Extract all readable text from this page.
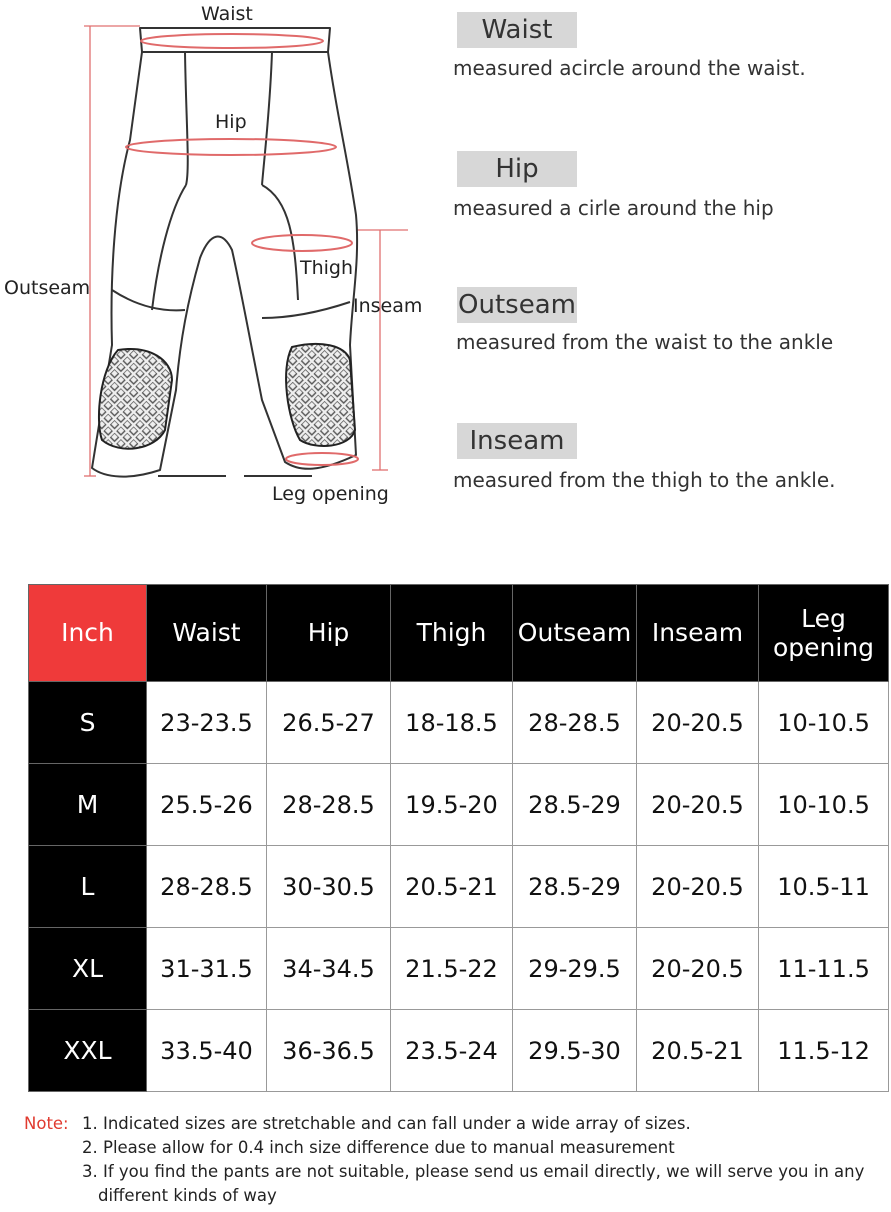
Waist
Hip
Thigh
Outseam
Inseam
Leg opening
Waist
measured acircle around the waist.
Hip
measured a cirle around the hip
Outseam
measured from the waist to the ankle
Inseam
measured from the thigh to the ankle.
Inch	Waist	Hip	Thigh	Outseam	Inseam	Leg opening
S	23-23.5	26.5-27	18-18.5	28-28.5	20-20.5	10-10.5
M	25.5-26	28-28.5	19.5-20	28.5-29	20-20.5	10-10.5
L	28-28.5	30-30.5	20.5-21	28.5-29	20-20.5	10.5-11
XL	31-31.5	34-34.5	21.5-22	29-29.5	20-20.5	11-11.5
XXL	33.5-40	36-36.5	23.5-24	29.5-30	20.5-21	11.5-12
Note: 1. Indicated sizes are stretchable and can fall under a wide array of sizes.
2. Please allow for 0.4 inch size difference due to manual measurement
3. If you find the pants are not suitable, please send us email directly, we will serve you in any different kinds of way
